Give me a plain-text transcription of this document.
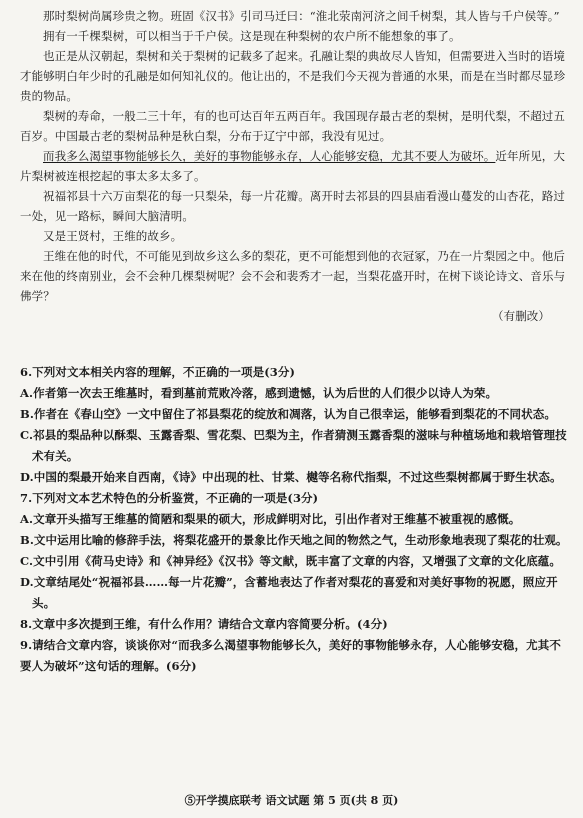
那时梨树尚属珍贵之物。班固《汉书》引司马迁曰：“淮北荥南河济之间千树梨，其人皆与千户侯等。”

拥有一千棵梨树，可以相当于千户侯。这是现在种梨树的农户所不能想象的事了。

也正是从汉朝起，梨树和关于梨树的记载多了起来。孔融让梨的典故尽人皆知，但需要进入当时的语境才能够明白年少时的孔融是如何知礼仪的。他让出的，不是我们今天视为普通的水果，而是在当时都尽显珍贵的物品。

梨树的寿命，一般二三十年，有的也可达百年五两百年。我国现存最古老的梨树，是明代梨，不超过五百岁。中国最古老的梨树品种是秋白梨，分布于辽宁中部，我没有见过。

而我多么渴望事物能够长久，美好的事物能够永存，人心能够安稳，尤其不要人为破坏。近年所见，大片梨树被连根挖起的事太多太多了。

祝福祁县十六万亩梨花的每一只梨朵，每一片花瓣。离开时去祁县的四县庙看漫山蔓发的山杏花，路过一处，见一路标，瞬间大脑清明。

又是王贤村，王维的故乡。

王维在他的时代，不可能见到故乡这么多的梨花，更不可能想到他的衣冠冢，乃在一片梨园之中。他后来在他的终南别业，会不会种几棵梨树呢？会不会和裴秀才一起，当梨花盛开时，在树下谈论诗文、音乐与佛学？

（有删改）

6.下列对文本相关内容的理解，不正确的一项是(3分)

A.作者第一次去王维墓时，看到墓前荒败冷落，感到遗憾，认为后世的人们很少以诗人为荣。

B.作者在《春山空》一文中留住了祁县梨花的绽放和凋落，认为自己很幸运，能够看到梨花的不同状态。

C.祁县的梨品种以酥梨、玉露香梨、雪花梨、巴梨为主，作者猜测玉露香梨的滋味与种植场地和栽培管理技术有关。

D.中国的梨最开始来自西南，《诗》中出现的杜、甘棠、樾等名称代指梨，不过这些梨树都属于野生状态。

7.下列对文本艺术特色的分析鉴赏，不正确的一项是(3分)

A.文章开头描写王维墓的简陋和梨果的硕大，形成鲜明对比，引出作者对王维墓不被重视的感慨。

B.文中运用比喻的修辞手法，将梨花盛开的景象比作天地之间的物然之气，生动形象地表现了梨花的壮观。

C.文中引用《荷马史诗》和《神异经》《汉书》等文献，既丰富了文章的内容，又增强了文章的文化底蕴。

D.文章结尾处“祝福祁县……每一片花瓣”，含蓄地表达了作者对梨花的喜爱和对美好事物的祝愿，照应开头。

8.文章中多次提到王维，有什么作用？请结合文章内容简要分析。(4分)

9.请结合文章内容，谈谈你对“而我多么渴望事物能够长久，美好的事物能够永存，人心能够安稳，尤其不要人为破坏”这句话的理解。(6分)

⑤开学摸底联考 语文试题 第 5 页(共 8 页)
